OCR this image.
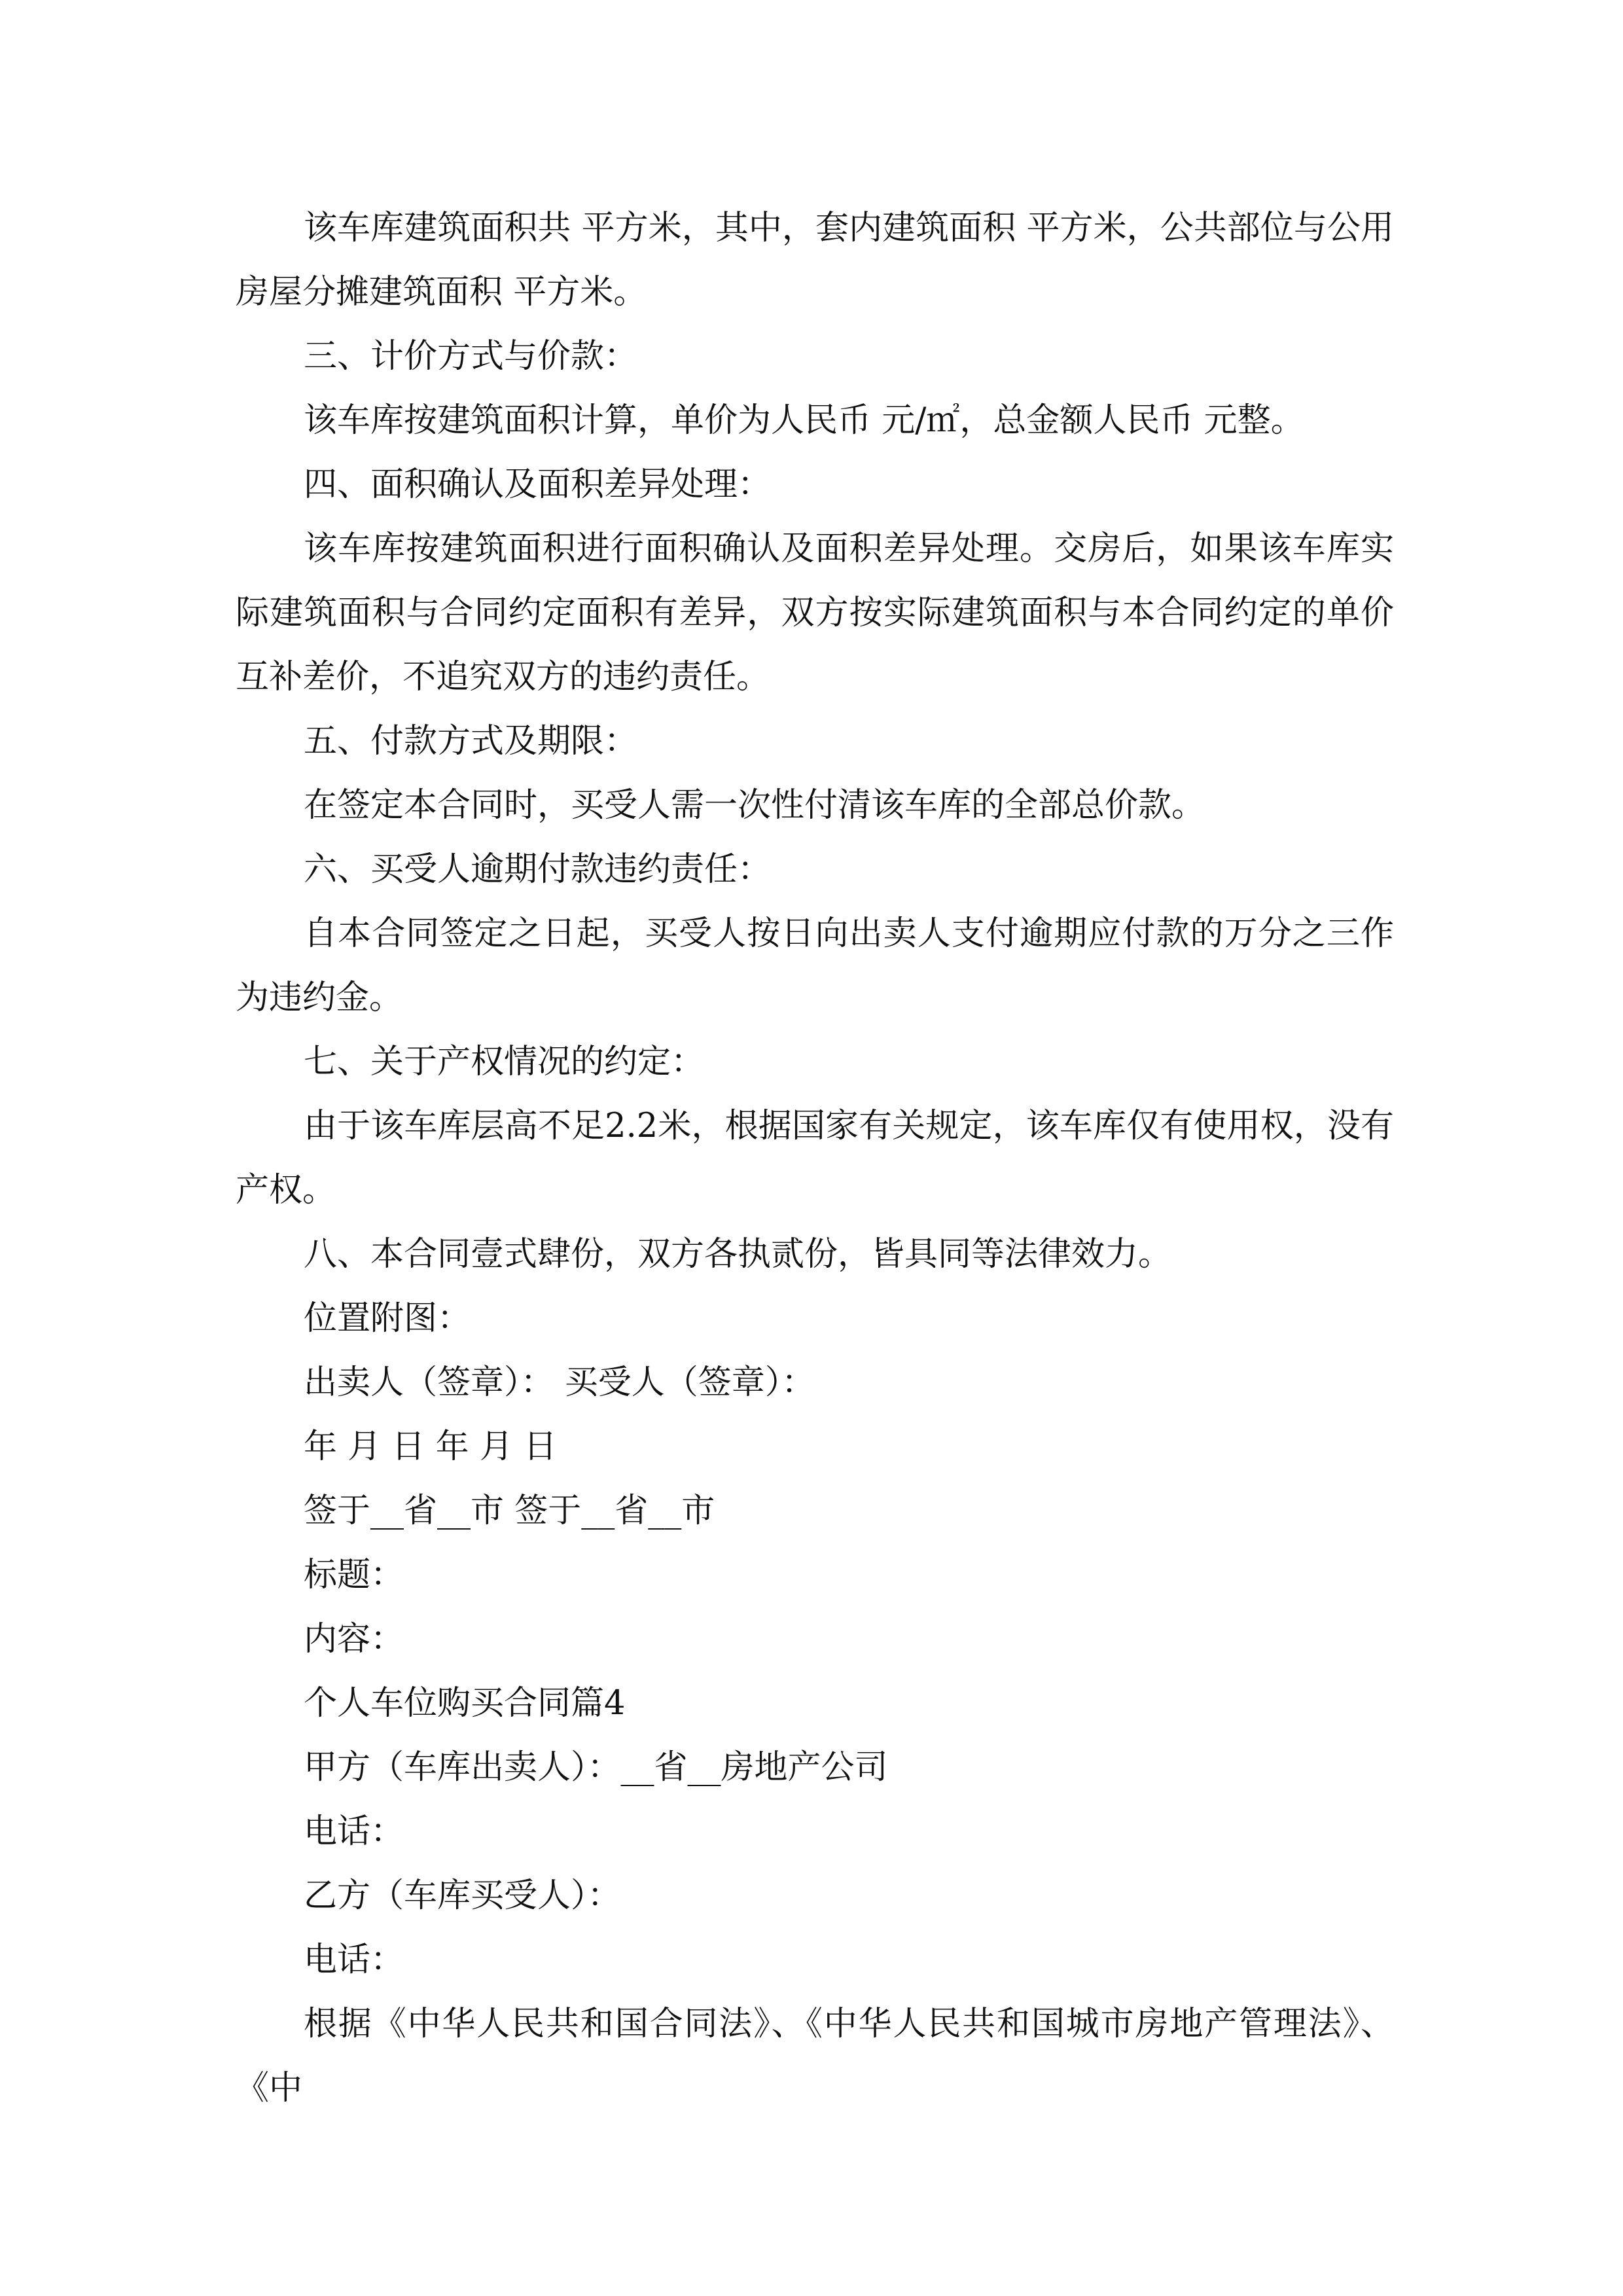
该车库建筑面积共 平方米，其中，套内建筑面积 平方米，公共部位与公用房屋分摊建筑面积 平方米。

三、计价方式与价款：

该车库按建筑面积计算，单价为人民币 元/㎡，总金额人民币 元整。

四、面积确认及面积差异处理：

该车库按建筑面积进行面积确认及面积差异处理。交房后，如果该车库实际建筑面积与合同约定面积有差异，双方按实际建筑面积与本合同约定的单价互补差价，不追究双方的违约责任。

五、付款方式及期限：

在签定本合同时，买受人需一次性付清该车库的全部总价款。

六、买受人逾期付款违约责任：

自本合同签定之日起，买受人按日向出卖人支付逾期应付款的万分之三作为违约金。

七、关于产权情况的约定：

由于该车库层高不足2.2米，根据国家有关规定，该车库仅有使用权，没有产权。

八、本合同壹式肆份，双方各执贰份，皆具同等法律效力。

位置附图：

出卖人（签章）： 买受人（签章）：

年 月 日 年 月 日

签于__省__市 签于__省__市

标题：

内容：

个人车位购买合同篇4

甲方（车库出卖人）：__省__房地产公司

电话：

乙方（车库买受人）：

电话：

根据《中华人民共和国合同法》、《中华人民共和国城市房地产管理法》、《中
